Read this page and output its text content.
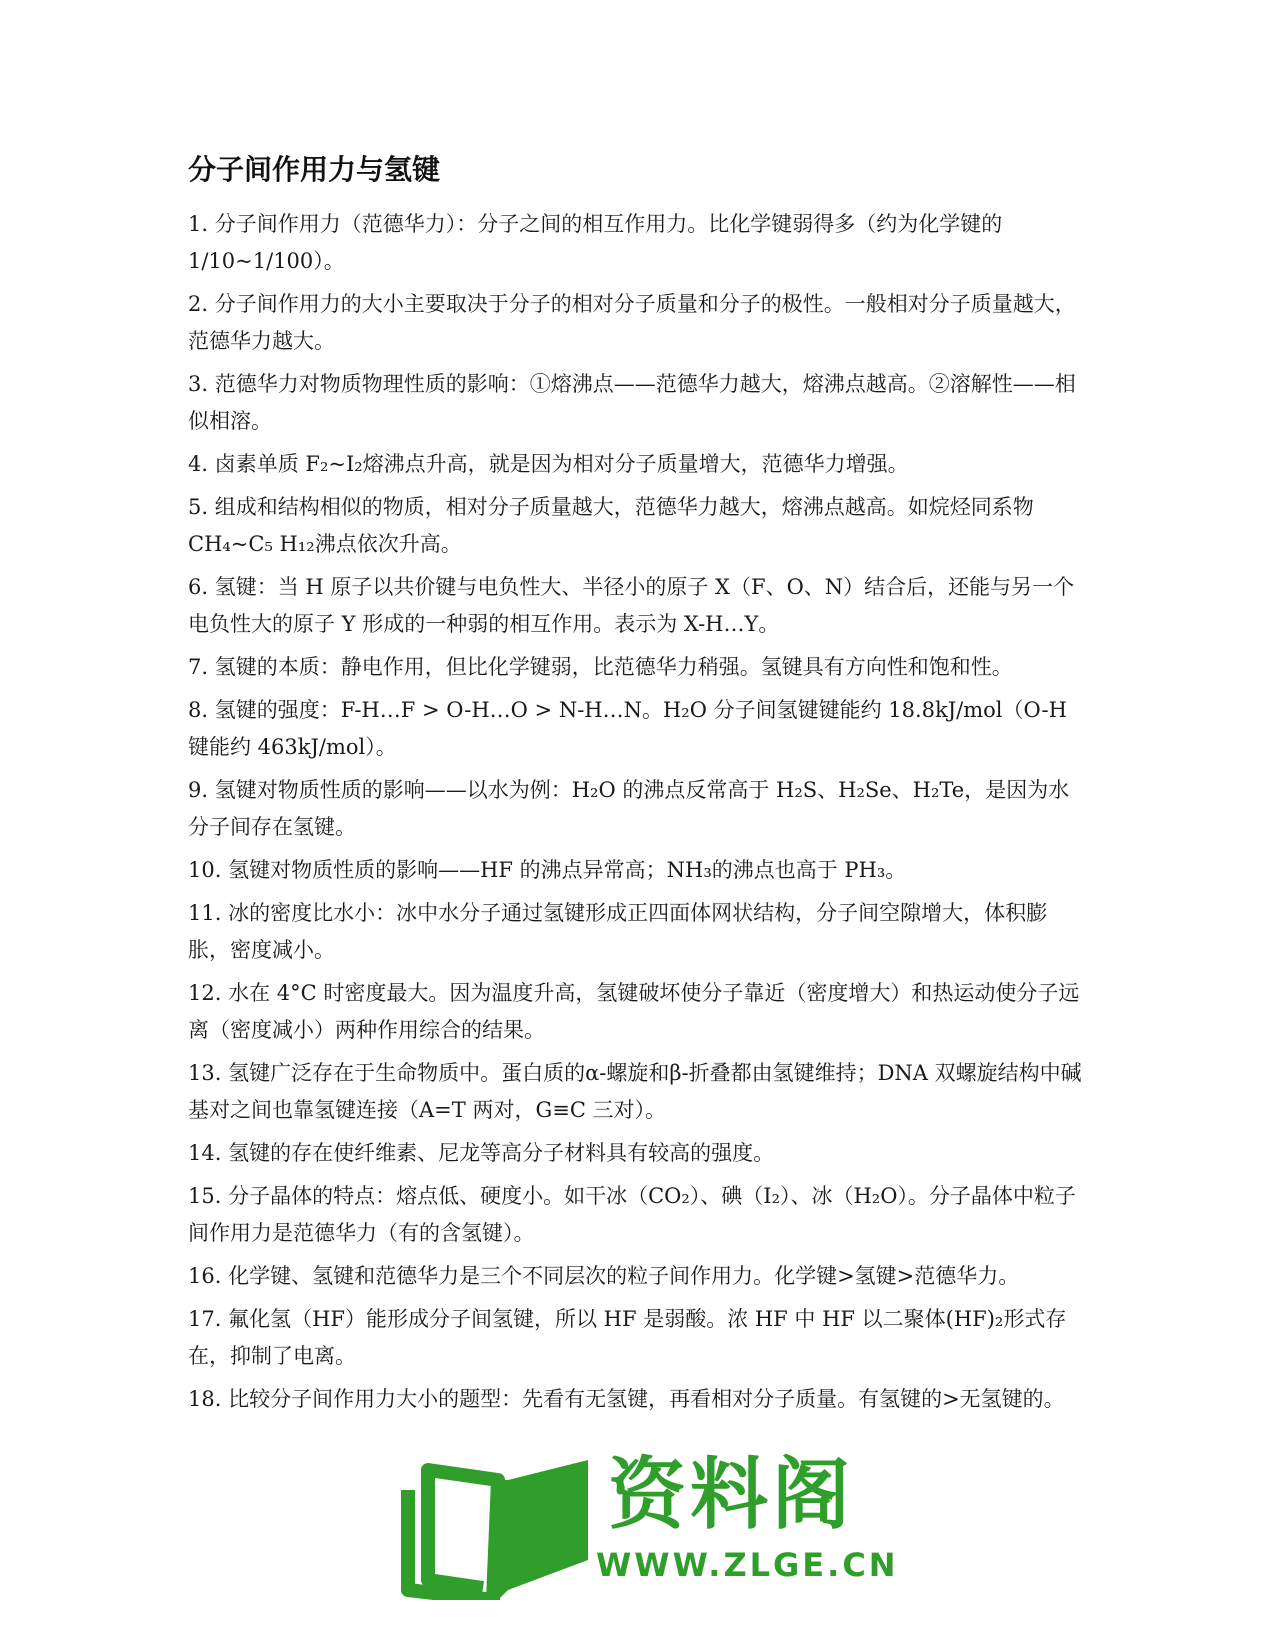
分子间作用力与氢键

1. 分子间作用力（范德华力）：分子之间的相互作用力。比化学键弱得多（约为化学键的 1/10~1/100）。

2. 分子间作用力的大小主要取决于分子的相对分子质量和分子的极性。一般相对分子质量越大，范德华力越大。

3. 范德华力对物质物理性质的影响：①熔沸点——范德华力越大，熔沸点越高。②溶解性——相似相溶。

4. 卤素单质 F₂~I₂熔沸点升高，就是因为相对分子质量增大，范德华力增强。

5. 组成和结构相似的物质，相对分子质量越大，范德华力越大，熔沸点越高。如烷烃同系物 CH₄~C₅ H₁₂沸点依次升高。

6. 氢键：当 H 原子以共价键与电负性大、半径小的原子 X（F、O、N）结合后，还能与另一个电负性大的原子 Y 形成的一种弱的相互作用。表示为 X-H…Y。

7. 氢键的本质：静电作用，但比化学键弱，比范德华力稍强。氢键具有方向性和饱和性。

8. 氢键的强度：F-H…F > O-H…O > N-H…N。H₂O 分子间氢键键能约 18.8kJ/mol（O-H 键能约 463kJ/mol）。

9. 氢键对物质性质的影响——以水为例：H₂O 的沸点反常高于 H₂S、H₂Se、H₂Te，是因为水分子间存在氢键。

10. 氢键对物质性质的影响——HF 的沸点异常高；NH₃的沸点也高于 PH₃。

11. 冰的密度比水小：冰中水分子通过氢键形成正四面体网状结构，分子间空隙增大，体积膨胀，密度减小。

12. 水在 4°C 时密度最大。因为温度升高，氢键破坏使分子靠近（密度增大）和热运动使分子远离（密度减小）两种作用综合的结果。

13. 氢键广泛存在于生命物质中。蛋白质的α-螺旋和β-折叠都由氢键维持；DNA 双螺旋结构中碱基对之间也靠氢键连接（A=T 两对，G≡C 三对）。

14. 氢键的存在使纤维素、尼龙等高分子材料具有较高的强度。

15. 分子晶体的特点：熔点低、硬度小。如干冰（CO₂）、碘（I₂）、冰（H₂O）。分子晶体中粒子间作用力是范德华力（有的含氢键）。

16. 化学键、氢键和范德华力是三个不同层次的粒子间作用力。化学键>氢键>范德华力。

17. 氟化氢（HF）能形成分子间氢键，所以 HF 是弱酸。浓 HF 中 HF 以二聚体(HF)₂形式存在，抑制了电离。

18. 比较分子间作用力大小的题型：先看有无氢键，再看相对分子质量。有氢键的>无氢键的。

资料阁
WWW.ZLGE.CN
